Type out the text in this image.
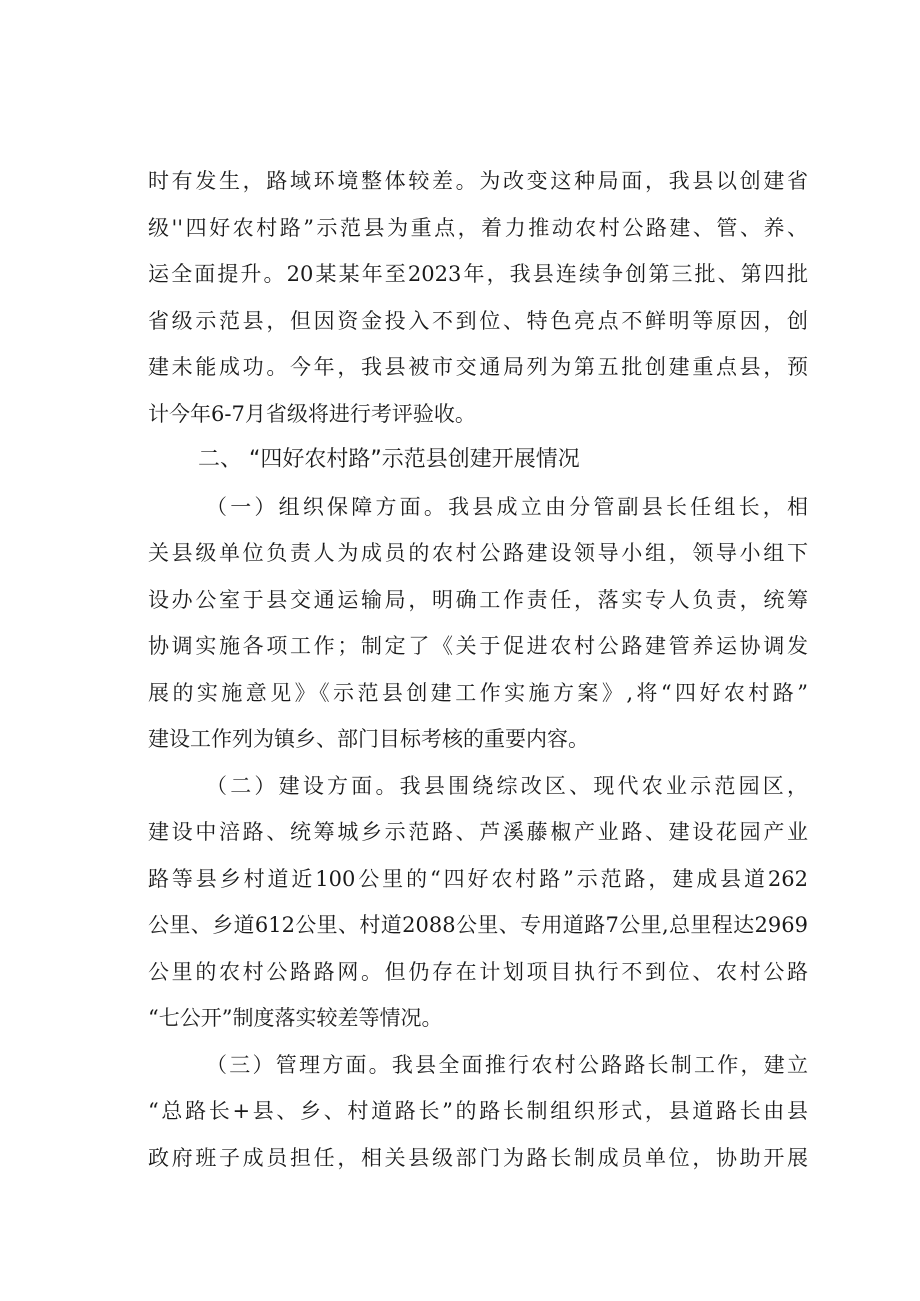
时有发生，路域环境整体较差。为改变这种局面，我县以创建省
级''四好农村路”示范县为重点，着力推动农村公路建、管、养、
运全面提升。20某某年至2023年，我县连续争创第三批、第四批
省级示范县，但因资金投入不到位、特色亮点不鲜明等原因，创
建未能成功。今年，我县被市交通局列为第五批创建重点县，预
计今年6-7月省级将进行考评验收。
二、 “四好农村路”示范县创建开展情况
（一）组织保障方面。我县成立由分管副县长任组长，相
关县级单位负责人为成员的农村公路建设领导小组，领导小组下
设办公室于县交通运输局，明确工作责任，落实专人负责，统筹
协调实施各项工作；制定了《关于促进农村公路建管养运协调发
展的实施意见》《示范县创建工作实施方案》,将“四好农村路”
建设工作列为镇乡、部门目标考核的重要内容。
（二）建设方面。我县围绕综改区、现代农业示范园区，
建设中涪路、统筹城乡示范路、芦溪藤椒产业路、建设花园产业
路等县乡村道近100公里的“四好农村路”示范路，建成县道262
公里、乡道612公里、村道2088公里、专用道路7公里,总里程达2969
公里的农村公路路网。但仍存在计划项目执行不到位、农村公路
“七公开”制度落实较差等情况。
（三）管理方面。我县全面推行农村公路路长制工作，建立
“总路长+县、乡、村道路长”的路长制组织形式，县道路长由县
政府班子成员担任，相关县级部门为路长制成员单位，协助开展
